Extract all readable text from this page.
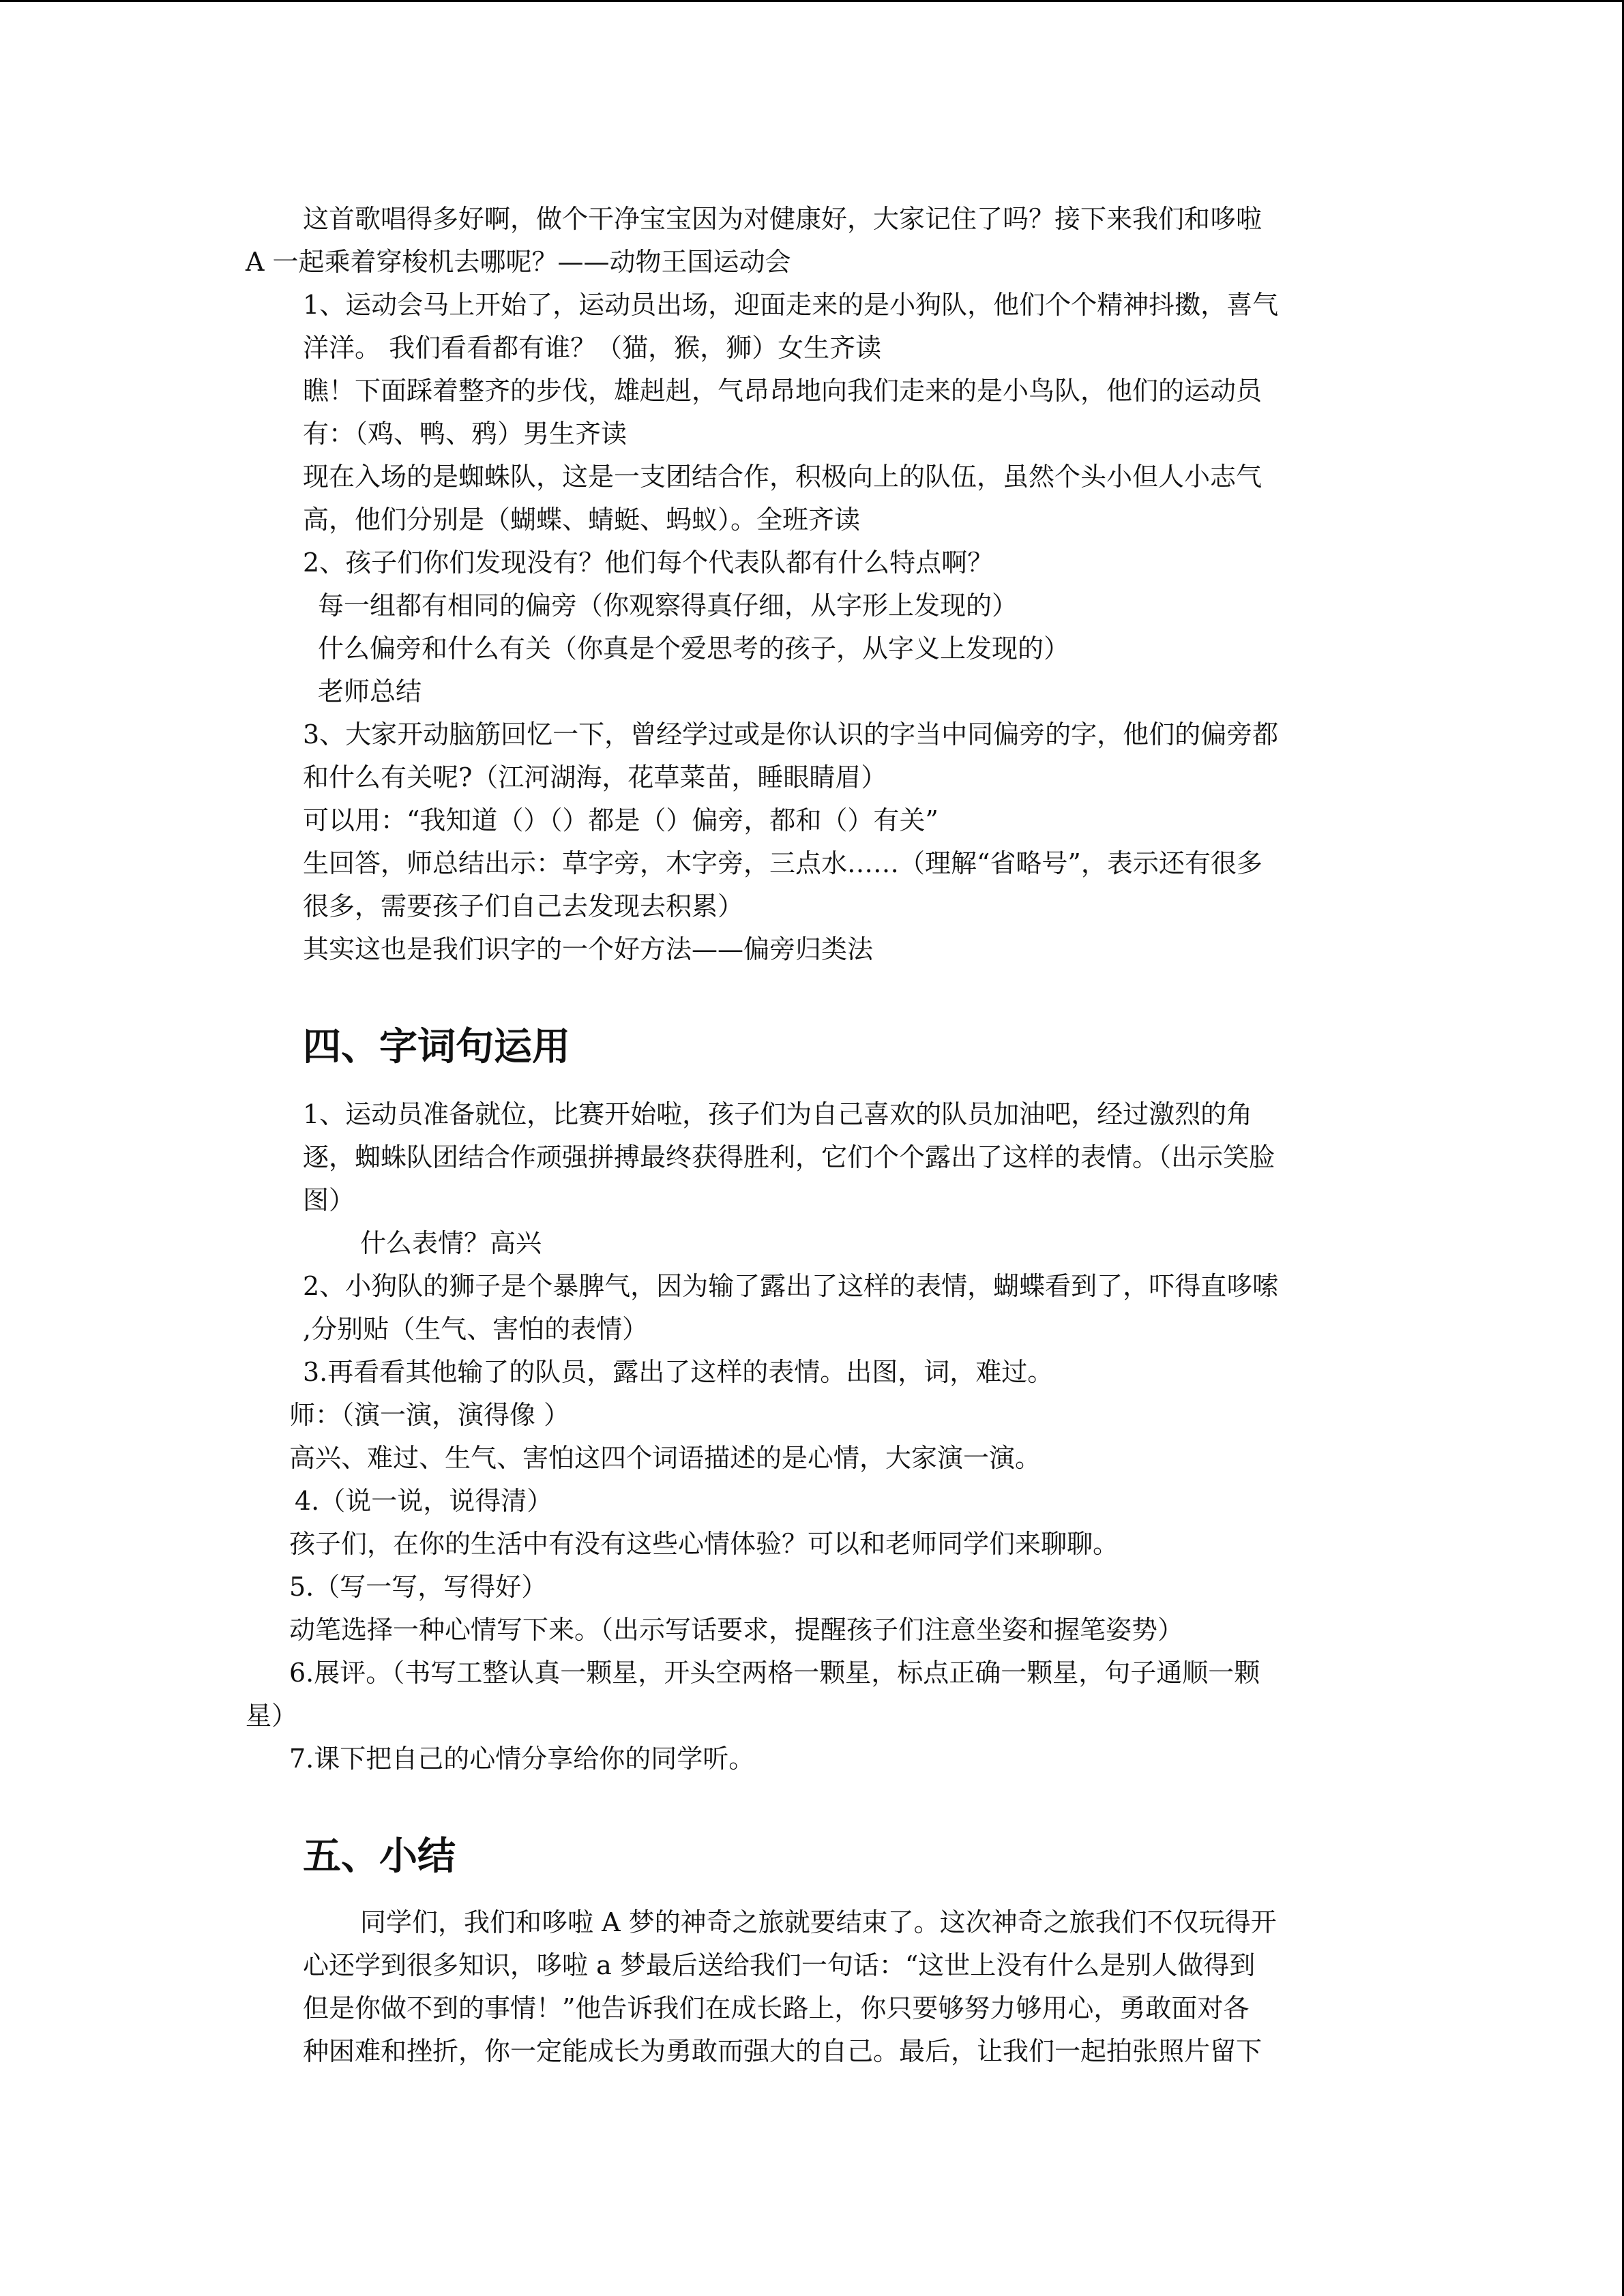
这首歌唱得多好啊，做个干净宝宝因为对健康好，大家记住了吗？接下来我们和哆啦
A 一起乘着穿梭机去哪呢？——动物王国运动会
1、运动会马上开始了，运动员出场，迎面走来的是小狗队，他们个个精神抖擞，喜气
洋洋。 我们看看都有谁？（猫，猴，狮）女生齐读
瞧！下面踩着整齐的步伐，雄赳赳，气昂昂地向我们走来的是小鸟队，他们的运动员
有：（鸡、鸭、鸦）男生齐读
现在入场的是蜘蛛队，这是一支团结合作，积极向上的队伍，虽然个头小但人小志气
高，他们分别是（蝴蝶、蜻蜓、蚂蚁）。全班齐读
2、孩子们你们发现没有？他们每个代表队都有什么特点啊？
每一组都有相同的偏旁（你观察得真仔细，从字形上发现的）
什么偏旁和什么有关（你真是个爱思考的孩子，从字义上发现的）
老师总结
3、大家开动脑筋回忆一下，曾经学过或是你认识的字当中同偏旁的字，他们的偏旁都
和什么有关呢?（江河湖海，花草菜苗，睡眼睛眉）
可以用：“我知道（）（）都是（）偏旁，都和（）有关”
生回答，师总结出示：草字旁，木字旁，三点水……（理解“省略号”，表示还有很多
很多，需要孩子们自己去发现去积累）
其实这也是我们识字的一个好方法——偏旁归类法
四、字词句运用
1、运动员准备就位，比赛开始啦，孩子们为自己喜欢的队员加油吧，经过激烈的角
逐，蜘蛛队团结合作顽强拼搏最终获得胜利，它们个个露出了这样的表情。（出示笑脸
图）
什么表情？高兴
2、小狗队的狮子是个暴脾气，因为输了露出了这样的表情，蝴蝶看到了，吓得直哆嗦
,分别贴（生气、害怕的表情）
3.再看看其他输了的队员，露出了这样的表情。出图，词，难过。
师：（演一演，演得像 ）
高兴、难过、生气、害怕这四个词语描述的是心情，大家演一演。
4.（说一说，说得清）
孩子们，在你的生活中有没有这些心情体验？可以和老师同学们来聊聊。
5.（写一写，写得好）
动笔选择一种心情写下来。（出示写话要求，提醒孩子们注意坐姿和握笔姿势）
6.展评。（书写工整认真一颗星，开头空两格一颗星，标点正确一颗星，句子通顺一颗
星）
7.课下把自己的心情分享给你的同学听。
五、小结
同学们，我们和哆啦 A 梦的神奇之旅就要结束了。这次神奇之旅我们不仅玩得开
心还学到很多知识，哆啦 a 梦最后送给我们一句话：“这世上没有什么是别人做得到
但是你做不到的事情！”他告诉我们在成长路上，你只要够努力够用心，勇敢面对各
种困难和挫折，你一定能成长为勇敢而强大的自己。最后，让我们一起拍张照片留下
